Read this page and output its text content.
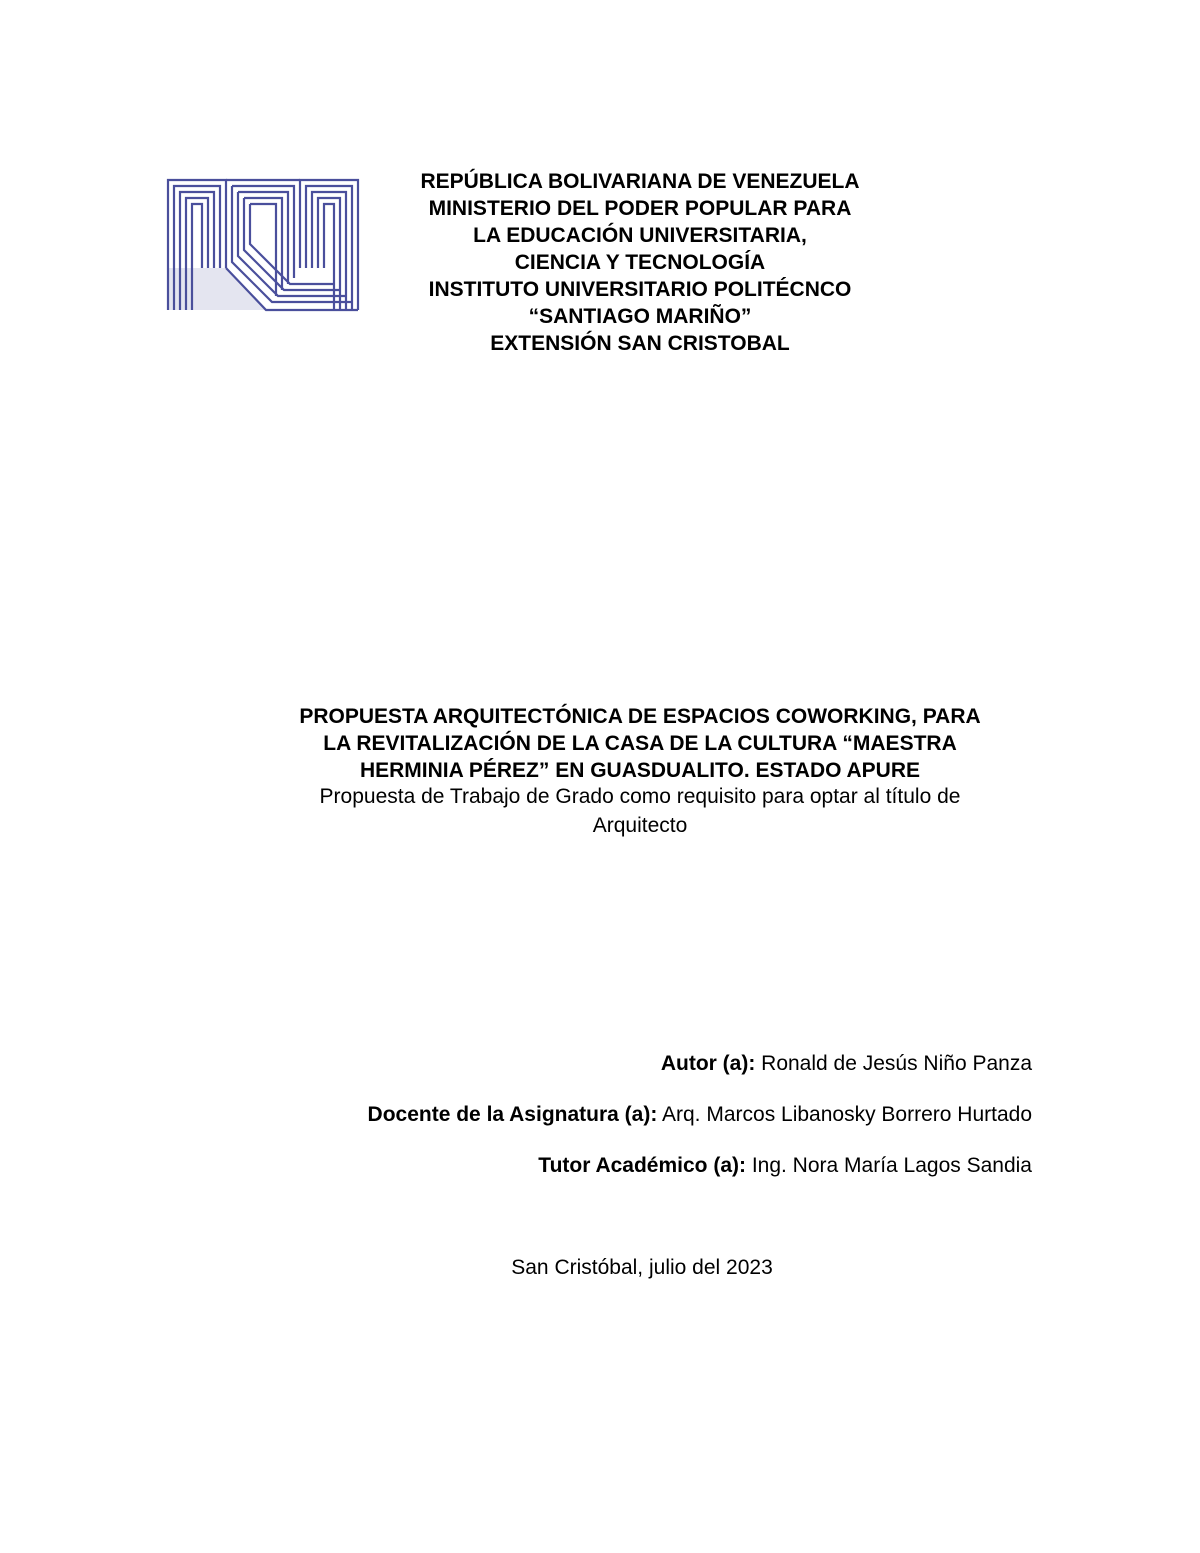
REPÚBLICA BOLIVARIANA DE VENEZUELA
MINISTERIO DEL PODER POPULAR PARA
LA EDUCACIÓN UNIVERSITARIA,
CIENCIA Y TECNOLOGÍA
INSTITUTO UNIVERSITARIO POLITÉCNCO
“SANTIAGO MARIÑO”
EXTENSIÓN SAN CRISTOBAL
PROPUESTA ARQUITECTÓNICA DE ESPACIOS COWORKING, PARA
LA REVITALIZACIÓN DE LA CASA DE LA CULTURA “MAESTRA
HERMINIA PÉREZ” EN GUASDUALITO. ESTADO APURE
Propuesta de Trabajo de Grado como requisito para optar al título de
Arquitecto
Autor (a): Ronald de Jesús Niño Panza
Docente de la Asignatura (a): Arq. Marcos Libanosky Borrero Hurtado
Tutor Académico (a): Ing. Nora María Lagos Sandia
San Cristóbal, julio del 2023
